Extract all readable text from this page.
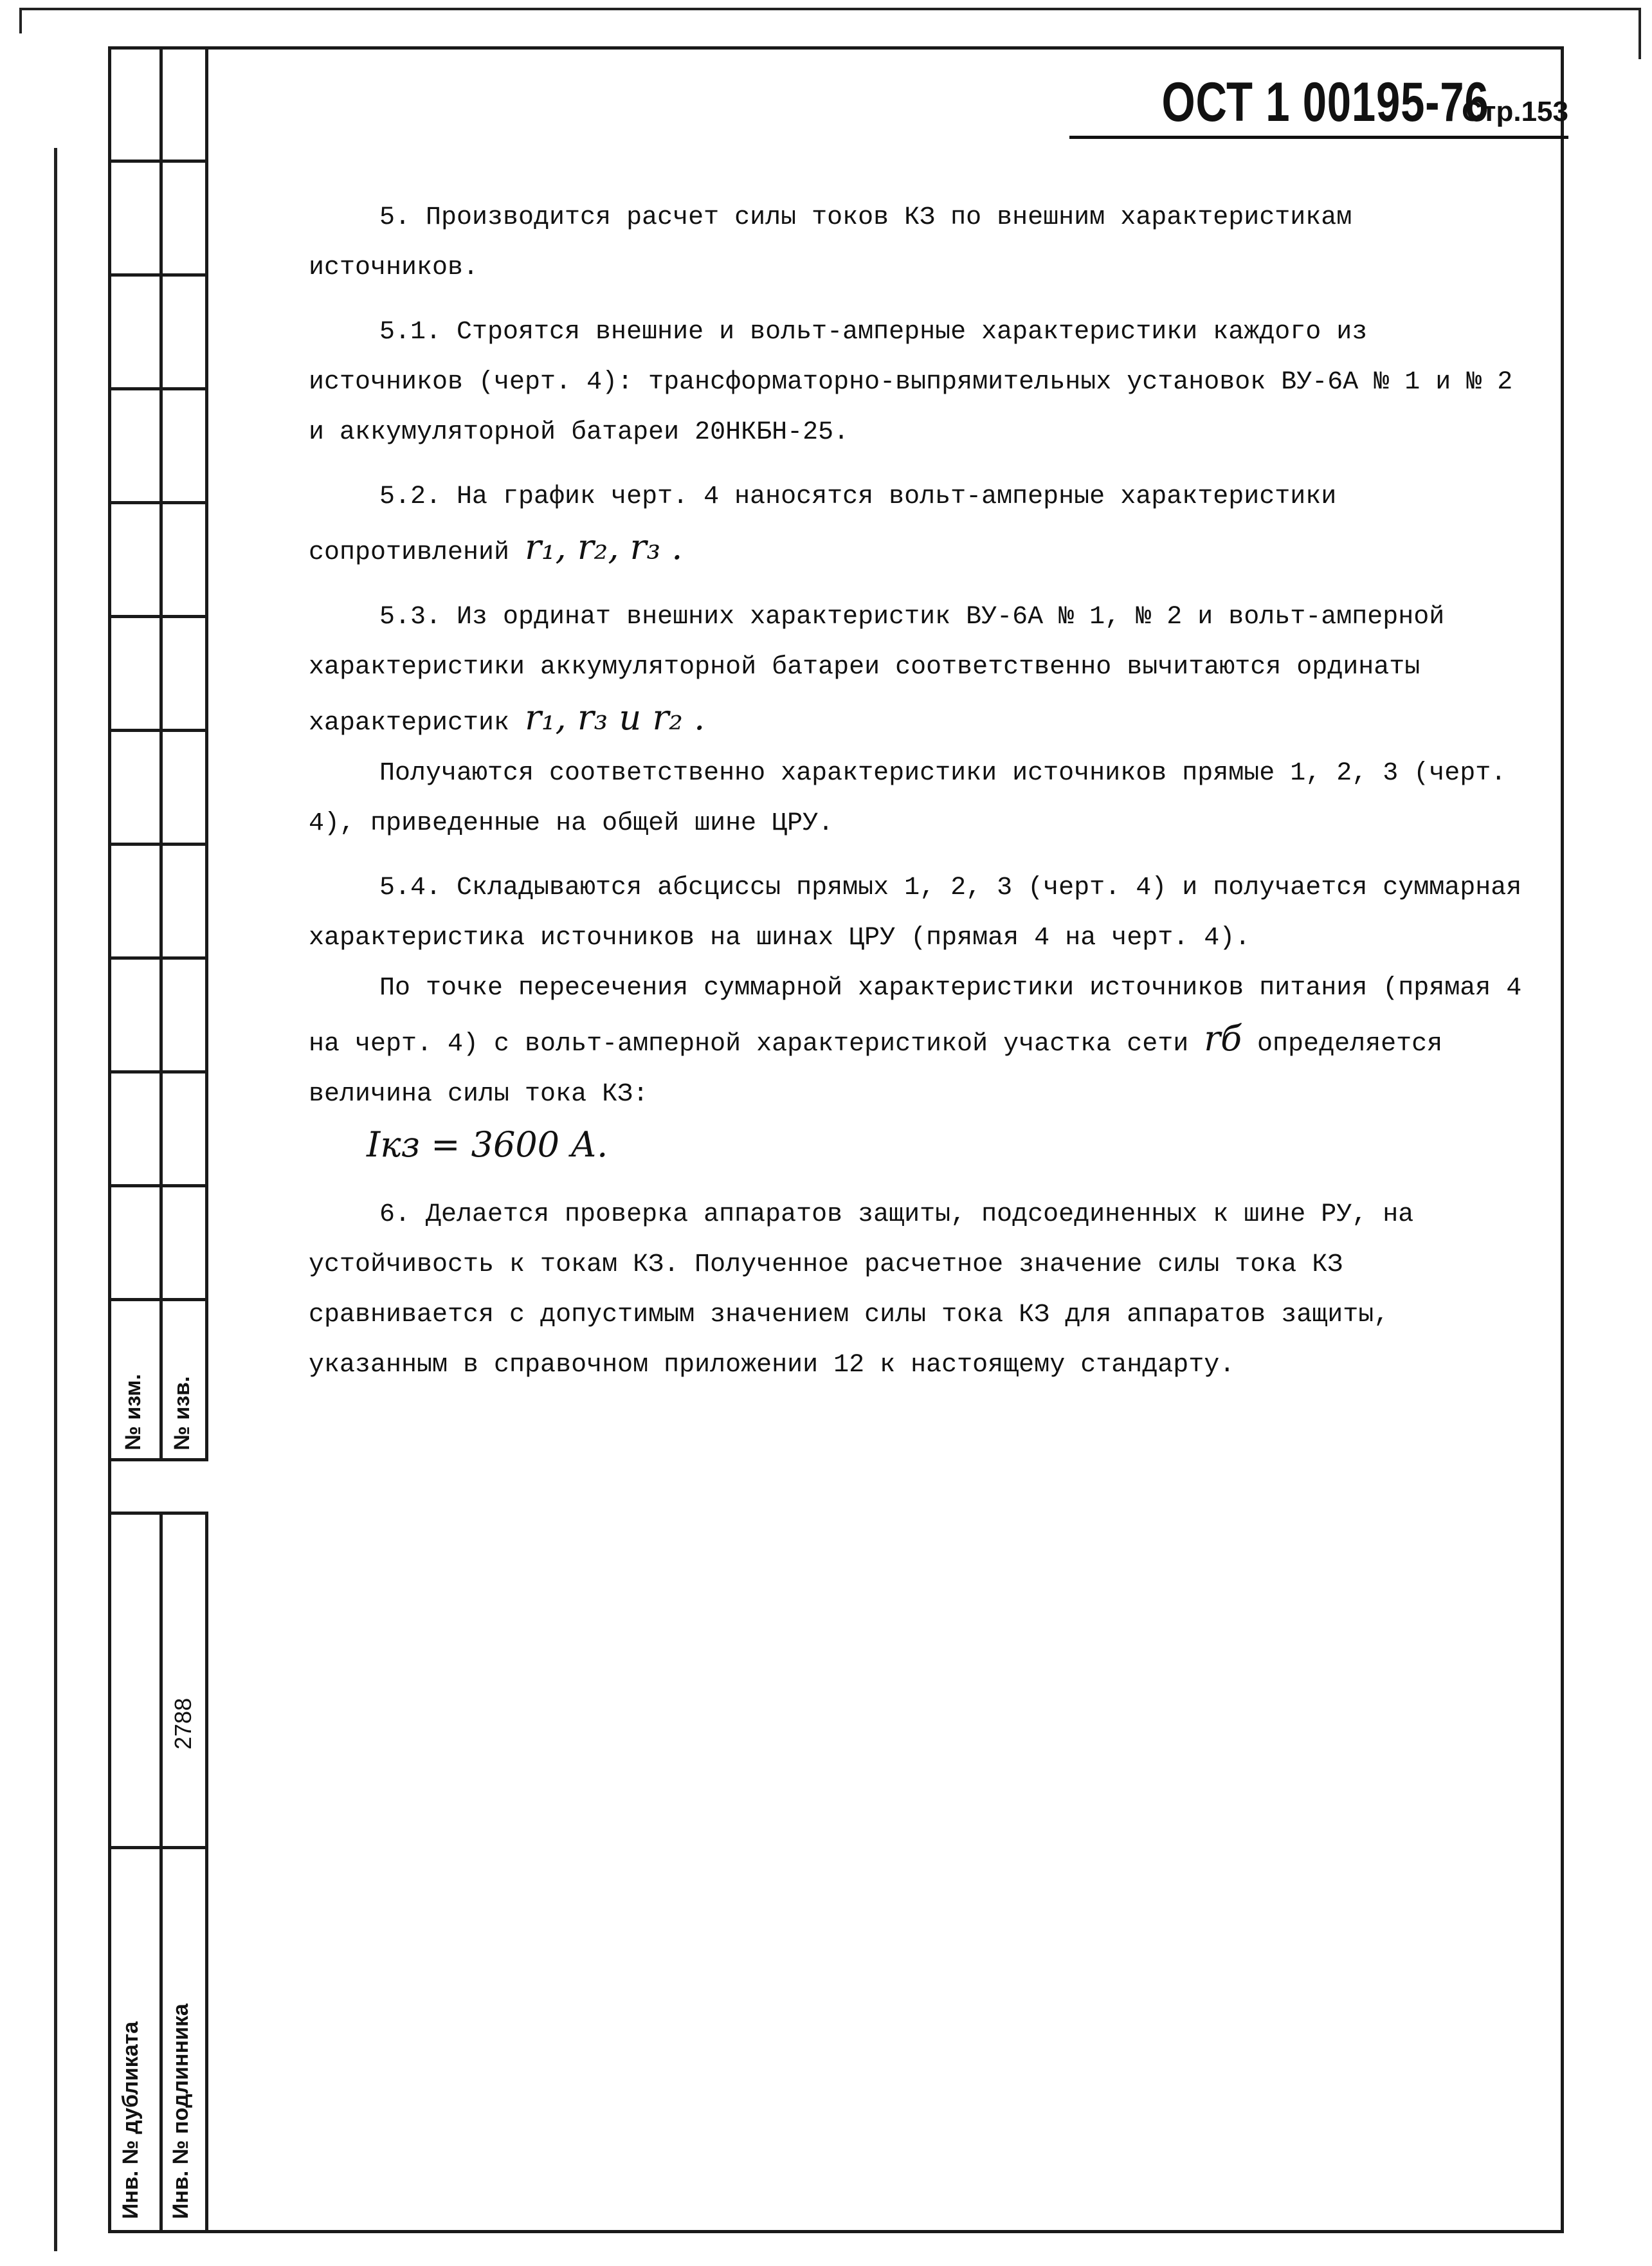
№ изм. № изв.
2788
Инв. № дубликата Инв. № подлинника
ОСТ 1 00195-76
Стр.153

5. Производится расчет силы токов КЗ по внешним характеристикам источников.

5.1. Строятся внешние и вольт-амперные характеристики каждого из источников (черт. 4): трансформаторно-выпрямительных установок ВУ-6А № 1 и № 2 и аккумуляторной батареи 20НКБН-25.

5.2. На график черт. 4 наносятся вольт-амперные характеристики сопротивлений r₁, r₂, r₃ .

5.3. Из ординат внешних характеристик ВУ-6А № 1, № 2 и вольт-амперной характеристики аккумуляторной батареи соответственно вычитаются ординаты характеристик r₁, r₃ и r₂ .

Получаются соответственно характеристики источников прямые 1, 2, 3 (черт. 4), приведенные на общей шине ЦРУ.

5.4. Складываются абсциссы прямых 1, 2, 3 (черт. 4) и получается суммарная характеристика источников на шинах ЦРУ (прямая 4 на черт. 4).

По точке пересечения суммарной характеристики источников питания (прямая 4 на черт. 4) с вольт-амперной характеристикой участка сети rб определяется величина силы тока КЗ:

Iкз = 3600 А.

6. Делается проверка аппаратов защиты, подсоединенных к шине РУ, на устойчивость к токам КЗ. Полученное расчетное значение силы тока КЗ сравнивается с допустимым значением силы тока КЗ для аппаратов защиты, указанным в справочном приложении 12 к настоящему стандарту.
